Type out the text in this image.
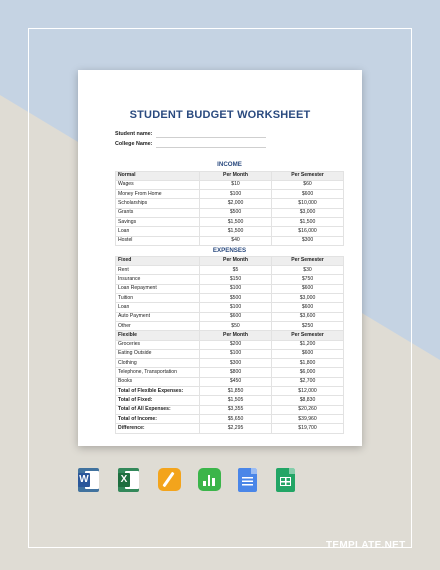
STUDENT BUDGET WORKSHEET
Student name:
College Name:
INCOME		
Normal	Per Month	Per Semester
Wages	$10	$60
Money From Home	$100	$600
Scholarships	$2,000	$10,000
Grants	$500	$3,000
Savings	$1,500	$1,500
Loan	$1,500	$16,000
Hostel	$40	$300
EXPENSES		
Fixed	Per Month	Per Semester
Rent	$5	$30
Insurance	$150	$750
Loan Repayment	$100	$600
Tuition	$500	$3,000
Loan	$100	$600
Auto Payment	$600	$3,600
Other	$50	$250
Flexible	Per Month	Per Semester
Groceries	$200	$1,200
Eating Outside	$100	$600
Clothing	$300	$1,800
Telephone, Transportation	$800	$6,000
Books	$450	$2,700
Total of Flexible Expenses:	$1,850	$12,000
Total of Fixed:	$1,505	$8,830
Total of All Expenses:	$3,355	$20,260
Total of Income:	$5,650	$39,960
Difference:	$2,295	$19,700
W	X
TEMPLATE.NET
